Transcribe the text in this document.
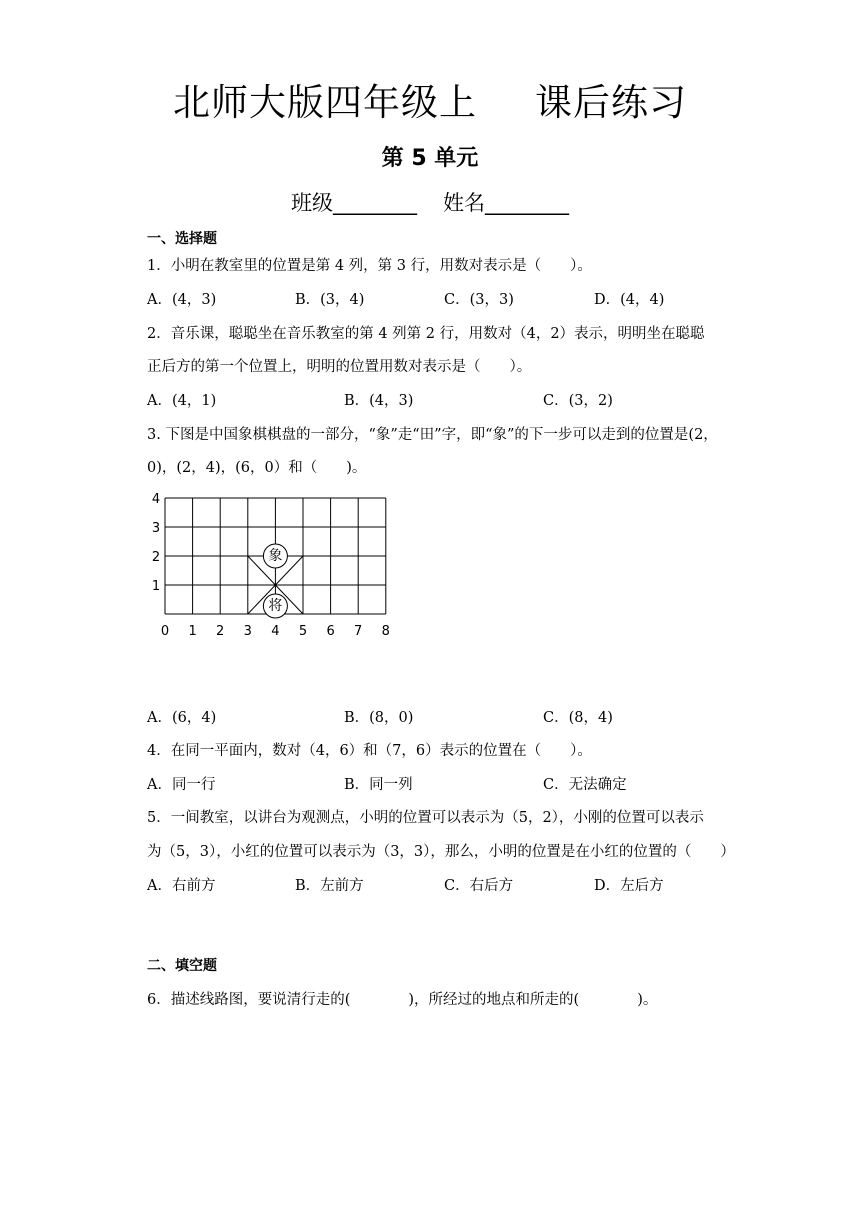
北师大版四年级上 课后练习
第 5 单元
班级________ 姓名________
一、选择题
1．小明在教室里的位置是第 4 列，第 3 行，用数对表示是（　　）。
A．(4，3)	B．(3，4)	C．(3，3)	D．(4，4)
2．音乐课，聪聪坐在音乐教室的第 4 列第 2 行，用数对（4，2）表示，明明坐在聪聪
正后方的第一个位置上，明明的位置用数对表示是（　　）。
A．(4，1)	B．(4，3)	C．(3，2)
3. 下图是中国象棋棋盘的一部分，“象”走“田”字，即“象”的下一步可以走到的位置是(2，
0)，(2，4)，(6，0）和（　　)。
0 1 2 3 4 5 6 7 8
1
2
3
4
象
将
A．(6，4)	B．(8，0)	C．(8，4)
4．在同一平面内，数对（4，6）和（7，6）表示的位置在（　　）。
A．同一行	B．同一列	C．无法确定
5．一间教室，以讲台为观测点，小明的位置可以表示为（5，2），小刚的位置可以表示
为（5，3），小红的位置可以表示为（3，3），那么，小明的位置是在小红的位置的（　　）
A．右前方	B．左前方	C．右后方	D．左后方
二、填空题
6．描述线路图，要说清行走的(　　　　)，所经过的地点和所走的(　　　　)。
